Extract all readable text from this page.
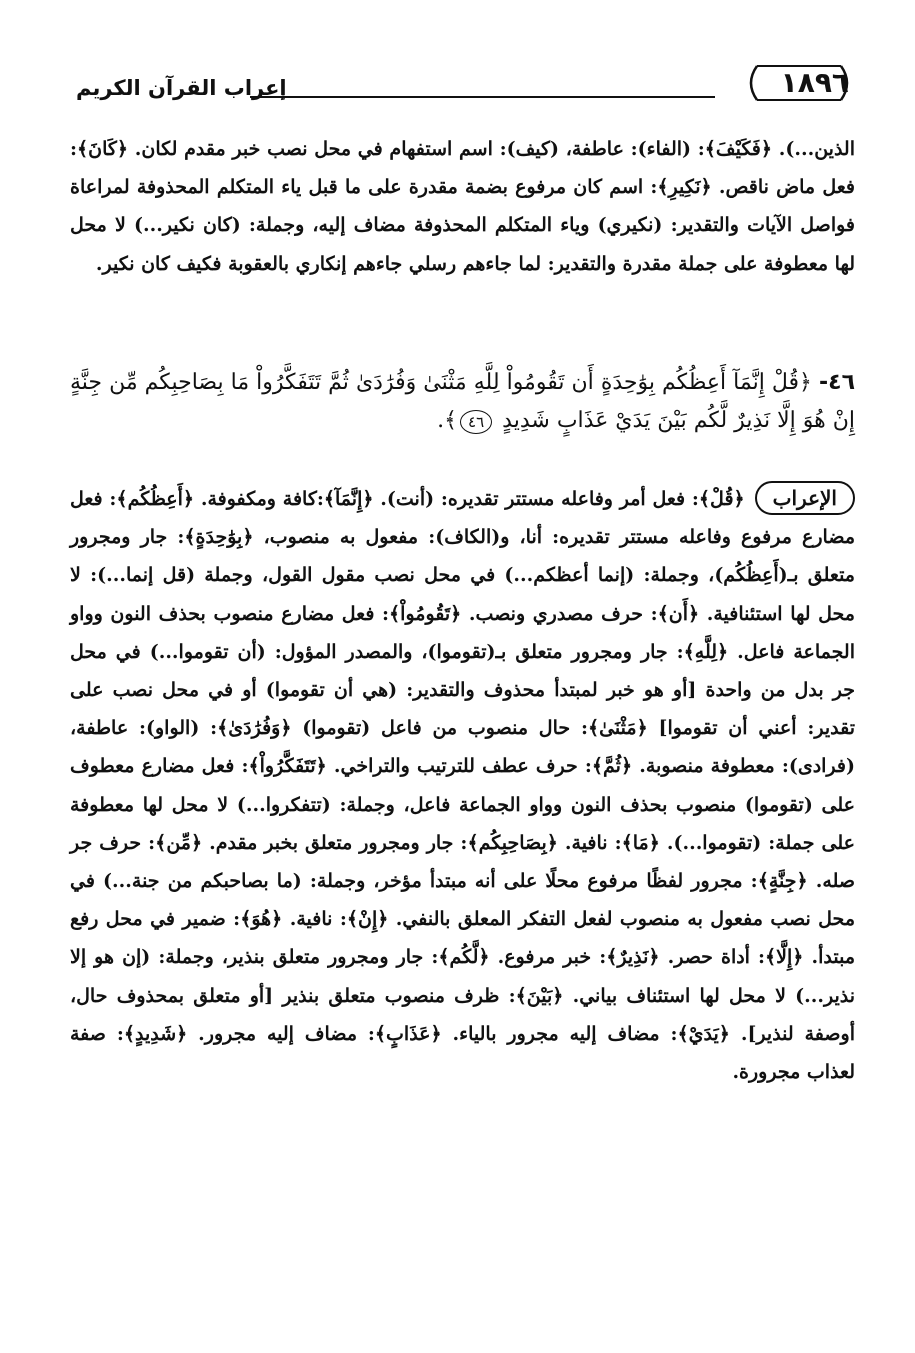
١٨٩٦
إعراب القرآن الكريم

الذين...). ﴿فَكَيْفَ﴾: (الفاء): عاطفة، (كيف): اسم استفهام في محل نصب خبر مقدم لكان. ﴿كَانَ﴾: فعل ماض ناقص. ﴿نَكِيرِ﴾: اسم كان مرفوع بضمة مقدرة على ما قبل ياء المتكلم المحذوفة لمراعاة فواصل الآيات والتقدير: (نكيري) وياء المتكلم المحذوفة مضاف إليه، وجملة: (كان نكير...) لا محل لها معطوفة على جملة مقدرة والتقدير: لما جاءهم رسلي جاءهم إنكاري بالعقوبة فكيف كان نكير.

٤٦- ﴿قُلْ إِنَّمَآ أَعِظُكُم بِوَٰحِدَةٍ أَن تَقُومُواْ لِلَّهِ مَثْنَىٰ وَفُرَٰدَىٰ ثُمَّ تَتَفَكَّرُواْ مَا بِصَاحِبِكُم مِّن جِنَّةٍ إِنْ هُوَ إِلَّا نَذِيرٌ لَّكُم بَيْنَ يَدَيْ عَذَابٍ شَدِيدٍ ٤٦﴾.

الإعراب﴿قُلْ﴾: فعل أمر وفاعله مستتر تقديره: (أنت). ﴿إِنَّمَآ﴾:كافة ومكفوفة. ﴿أَعِظُكُم﴾: فعل مضارع مرفوع وفاعله مستتر تقديره: أنا، و(الكاف): مفعول به منصوب، ﴿بِوَٰحِدَةٍ﴾: جار ومجرور متعلق بـ(أَعِظُكُم)، وجملة: (إنما أعظكم...) في محل نصب مقول القول، وجملة (قل إنما...): لا محل لها استئنافية. ﴿أَن﴾: حرف مصدري ونصب. ﴿تَقُومُواْ﴾: فعل مضارع منصوب بحذف النون وواو الجماعة فاعل. ﴿لِلَّهِ﴾: جار ومجرور متعلق بـ(تقوموا)، والمصدر المؤول: (أن تقوموا...) في محل جر بدل من واحدة [أو هو خبر لمبتدأ محذوف والتقدير: (هي أن تقوموا) أو في محل نصب على تقدير: أعني أن تقوموا] ﴿مَثْنَىٰ﴾: حال منصوب من فاعل (تقوموا) ﴿وَفُرَٰدَىٰ﴾: (الواو): عاطفة، (فرادى): معطوفة منصوبة. ﴿ثُمَّ﴾: حرف عطف للترتيب والتراخي. ﴿تَتَفَكَّرُواْ﴾: فعل مضارع معطوف على (تقوموا) منصوب بحذف النون وواو الجماعة فاعل، وجملة: (تتفكروا...) لا محل لها معطوفة على جملة: (تقوموا...). ﴿مَا﴾: نافية. ﴿بِصَاحِبِكُم﴾: جار ومجرور متعلق بخبر مقدم. ﴿مِّن﴾: حرف جر صله. ﴿جِنَّةٍ﴾: مجرور لفظًا مرفوع محلًا على أنه مبتدأ مؤخر، وجملة: (ما بصاحبكم من جنة...) في محل نصب مفعول به منصوب لفعل التفكر المعلق بالنفي. ﴿إِنْ﴾: نافية. ﴿هُوَ﴾: ضمير في محل رفع مبتدأ. ﴿إِلَّا﴾: أداة حصر. ﴿نَذِيرٌ﴾: خبر مرفوع. ﴿لَّكُم﴾: جار ومجرور متعلق بنذير، وجملة: (إن هو إلا نذير...) لا محل لها استئناف بياني. ﴿بَيْنَ﴾: ظرف منصوب متعلق بنذير [أو متعلق بمحذوف حال، أوصفة لنذير]. ﴿يَدَيْ﴾: مضاف إليه مجرور بالياء. ﴿عَذَابٍ﴾: مضاف إليه مجرور. ﴿شَدِيدٍ﴾: صفة لعذاب مجرورة.
